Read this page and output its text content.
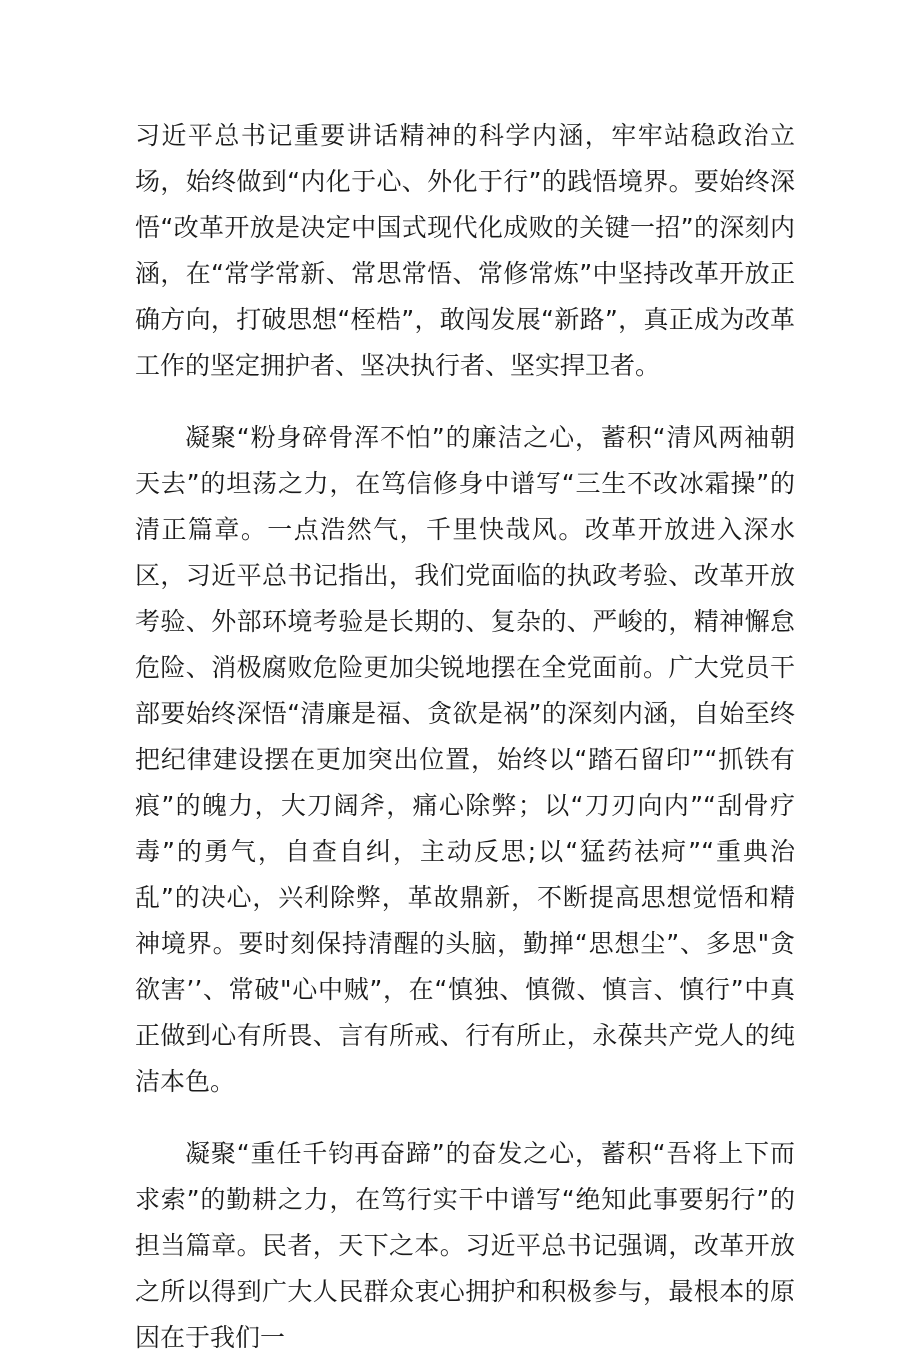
习近平总书记重要讲话精神的科学内涵，牢牢站稳政治立场，始终做到“内化于心、外化于行”的践悟境界。要始终深悟“改革开放是决定中国式现代化成败的关键一招”的深刻内涵，在“常学常新、常思常悟、常修常炼”中坚持改革开放正确方向，打破思想“桎梏”，敢闯发展“新路”，真正成为改革工作的坚定拥护者、坚决执行者、坚实捍卫者。

凝聚“粉身碎骨浑不怕”的廉洁之心，蓄积“清风两袖朝天去”的坦荡之力，在笃信修身中谱写“三生不改冰霜操”的清正篇章。一点浩然气，千里快哉风。改革开放进入深水区，习近平总书记指出，我们党面临的执政考验、改革开放考验、外部环境考验是长期的、复杂的、严峻的，精神懈怠危险、消极腐败危险更加尖锐地摆在全党面前。广大党员干部要始终深悟“清廉是福、贪欲是祸”的深刻内涵，自始至终把纪律建设摆在更加突出位置，始终以“踏石留印”“抓铁有痕”的魄力，大刀阔斧，痛心除弊；以“刀刃向内”“刮骨疗毒”的勇气，自查自纠，主动反思;以“猛药祛疴”“重典治乱”的决心，兴利除弊，革故鼎新，不断提高思想觉悟和精神境界。要时刻保持清醒的头脑，勤掸“思想尘”、多思"贪欲害’’、常破"心中贼”，在“慎独、慎微、慎言、慎行”中真正做到心有所畏、言有所戒、行有所止，永葆共产党人的纯洁本色。

凝聚“重任千钧再奋蹄”的奋发之心，蓄积“吾将上下而求索”的勤耕之力，在笃行实干中谱写“绝知此事要躬行”的担当篇章。民者，天下之本。习近平总书记强调，改革开放之所以得到广大人民群众衷心拥护和积极参与，最根本的原因在于我们一
